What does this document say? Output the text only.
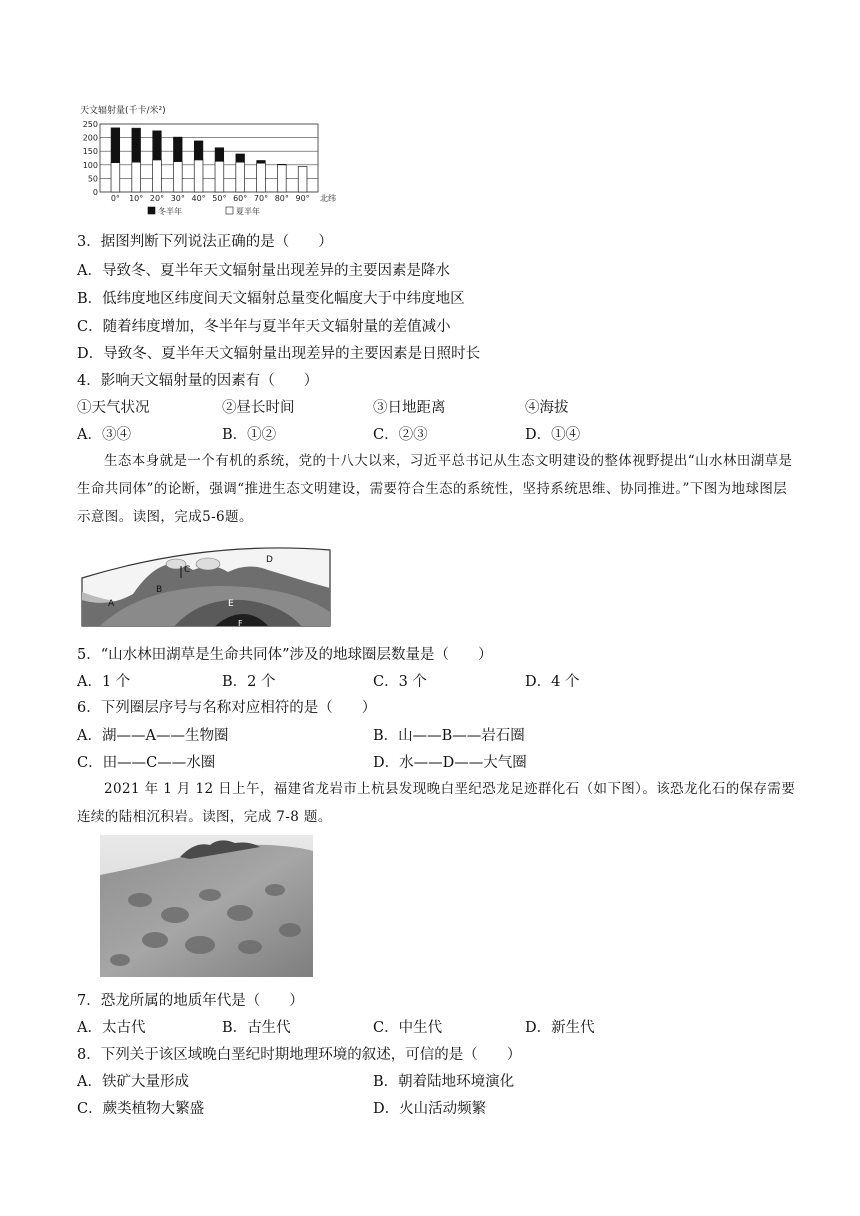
天文辐射量(千卡/米²)
0
50
100
150
200
250
0° 10° 20° 30° 40° 50° 60° 70° 80° 90° 北纬
冬半年	夏半年
3．据图判断下列说法正确的是（　　）
A．导致冬、夏半年天文辐射量出现差异的主要因素是降水
B．低纬度地区纬度间天文辐射总量变化幅度大于中纬度地区
C．随着纬度增加，冬半年与夏半年天文辐射量的差值减小
D．导致冬、夏半年天文辐射量出现差异的主要因素是日照时长
4．影响天文辐射量的因素有（　　）
①天气状况	②昼长时间	③日地距离	④海拔
A．③④	B．①②	C．②③	D．①④
生态本身就是一个有机的系统，党的十八大以来，习近平总书记从生态文明建设的整体视野提出“山水林田湖草是生命共同体”的论断，强调“推进生态文明建设，需要符合生态的系统性，坚持系统思维、协同推进。”下图为地球图层示意图。读图，完成5-6题。
A
B
C
D
E
F
5．“山水林田湖草是生命共同体”涉及的地球圈层数量是（　　）
A．1 个	B．2 个	C．3 个	D．4 个
6．下列圈层序号与名称对应相符的是（　　）
A．湖——A——生物圈	B．山——B——岩石圈
C．田——C——水圈	D．水——D——大气圈
2021 年 1 月 12 日上午，福建省龙岩市上杭县发现晚白垩纪恐龙足迹群化石（如下图）。该恐龙化石的保存需要连续的陆相沉积岩。读图，完成 7-8 题。
7．恐龙所属的地质年代是（　　）
A．太古代	B．古生代	C．中生代	D．新生代
8．下列关于该区域晚白垩纪时期地理环境的叙述，可信的是（　　）
A．铁矿大量形成	B．朝着陆地环境演化
C．蕨类植物大繁盛	D．火山活动频繁
